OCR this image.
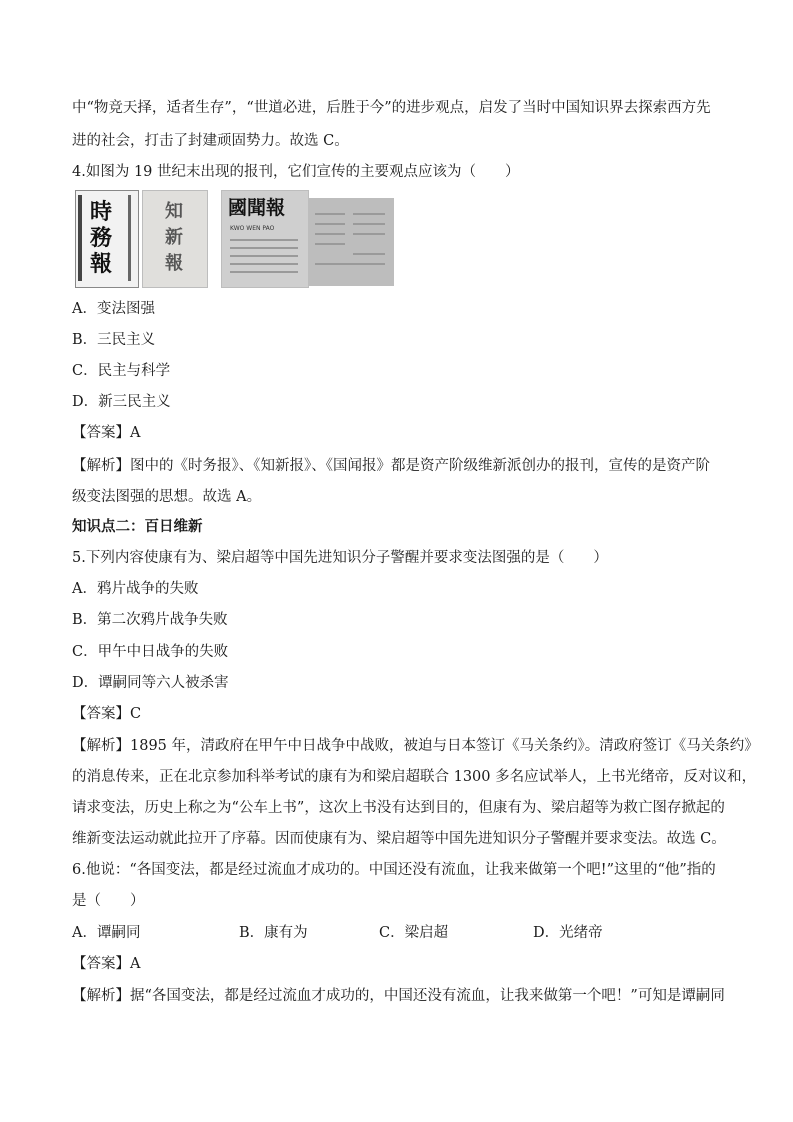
中“物竞天择，适者生存”，“世道必进，后胜于今”的进步观点，启发了当时中国知识界去探索西方先
进的社会，打击了封建顽固势力。故选 C。
4.如图为 19 世纪末出现的报刊，它们宣传的主要观点应该为（　　）
時
務
報
知
新
報
國聞報
KWO WEN PAO
A．变法图强
B．三民主义
C．民主与科学
D．新三民主义
【答案】A
【解析】图中的《时务报》、《知新报》、《国闻报》都是资产阶级维新派创办的报刊，宣传的是资产阶
级变法图强的思想。故选 A。
知识点二：百日维新
5.下列内容使康有为、梁启超等中国先进知识分子警醒并要求变法图强的是（　　）
A．鸦片战争的失败
B．第二次鸦片战争失败
C．甲午中日战争的失败
D．谭嗣同等六人被杀害
【答案】C
【解析】1895 年，清政府在甲午中日战争中战败，被迫与日本签订《马关条约》。清政府签订《马关条约》
的消息传来，正在北京参加科举考试的康有为和梁启超联合 1300 多名应试举人，上书光绪帝，反对议和，
请求变法，历史上称之为“公车上书”，这次上书没有达到目的，但康有为、梁启超等为救亡图存掀起的
维新变法运动就此拉开了序幕。因而使康有为、梁启超等中国先进知识分子警醒并要求变法。故选 C。
6.他说：“各国变法，都是经过流血才成功的。中国还没有流血，让我来做第一个吧!”这里的“他”指的
是（　　）
A．谭嗣同	B．康有为	C．梁启超	D．光绪帝
【答案】A
【解析】据“各国变法，都是经过流血才成功的，中国还没有流血，让我来做第一个吧！”可知是谭嗣同
